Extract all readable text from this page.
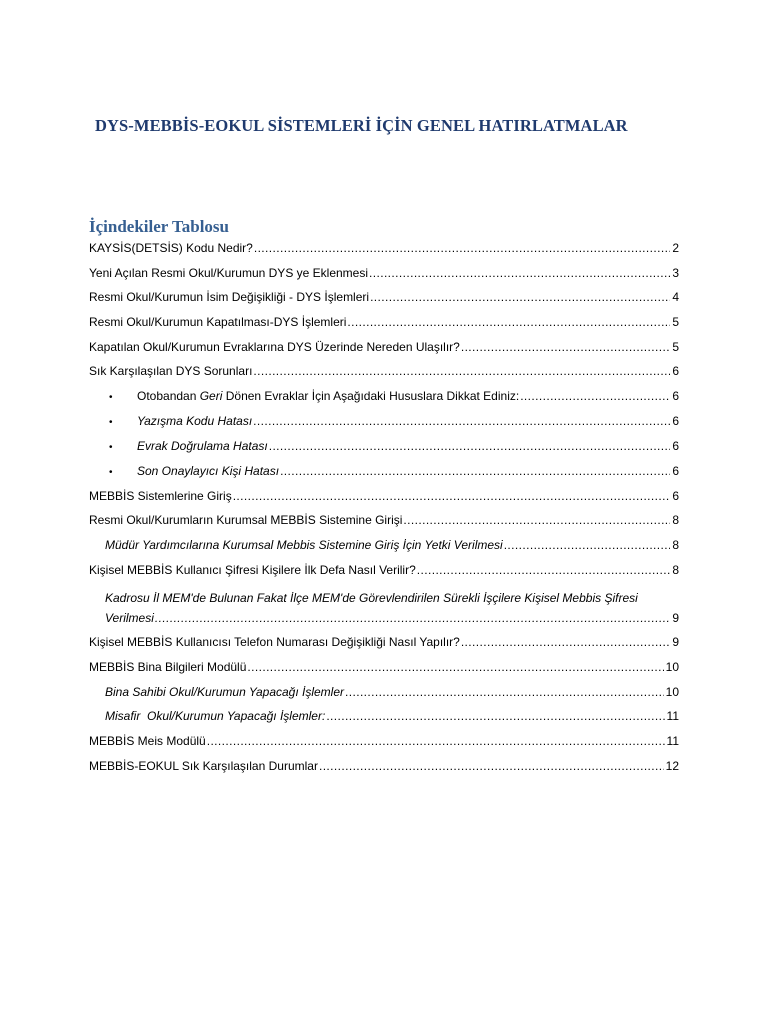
DYS-MEBBİS-EOKUL SİSTEMLERİ İÇİN GENEL HATIRLATMALAR
İçindekiler Tablosu
KAYSİS(DETSİS) Kodu Nedir? .....	2
Yeni Açılan Resmi Okul/Kurumun DYS ye Eklenmesi .....	3
Resmi Okul/Kurumun İsim Değişikliği - DYS İşlemleri .....	4
Resmi Okul/Kurumun Kapatılması-DYS İşlemleri .....	5
Kapatılan Okul/Kurumun Evraklarına DYS Üzerinde Nereden Ulaşılır? .....	5
Sık Karşılaşılan DYS Sorunları .....	6
•	Otobandan Geri Dönen Evraklar İçin Aşağıdaki Hususlara Dikkat Ediniz: .....	6
•	Yazışma Kodu Hatası .....	6
•	Evrak Doğrulama Hatası .....	6
•	Son Onaylayıcı Kişi Hatası .....	6
MEBBİS Sistemlerine Giriş .....	6
Resmi Okul/Kurumların Kurumsal MEBBİS Sistemine Girişi .....	8
Müdür Yardımcılarına Kurumsal Mebbis Sistemine Giriş İçin Yetki Verilmesi .....	8
Kişisel MEBBİS Kullanıcı Şifresi Kişilere İlk Defa Nasıl Verilir? .....	8
Kadrosu İl MEM'de Bulunan Fakat İlçe MEM'de Görevlendirilen Sürekli İşçilere Kişisel Mebbis Şifresi
Verilmesi .....	9
Kişisel MEBBİS Kullanıcısı Telefon Numarası Değişikliği Nasıl Yapılır? .....	9
MEBBİS Bina Bilgileri Modülü .....	10
Bina Sahibi Okul/Kurumun Yapacağı İşlemler .....	10
Misafir  Okul/Kurumun Yapacağı İşlemler: .....	11
MEBBİS Meis Modülü .....	11
MEBBİS-EOKUL Sık Karşılaşılan Durumlar .....	12
